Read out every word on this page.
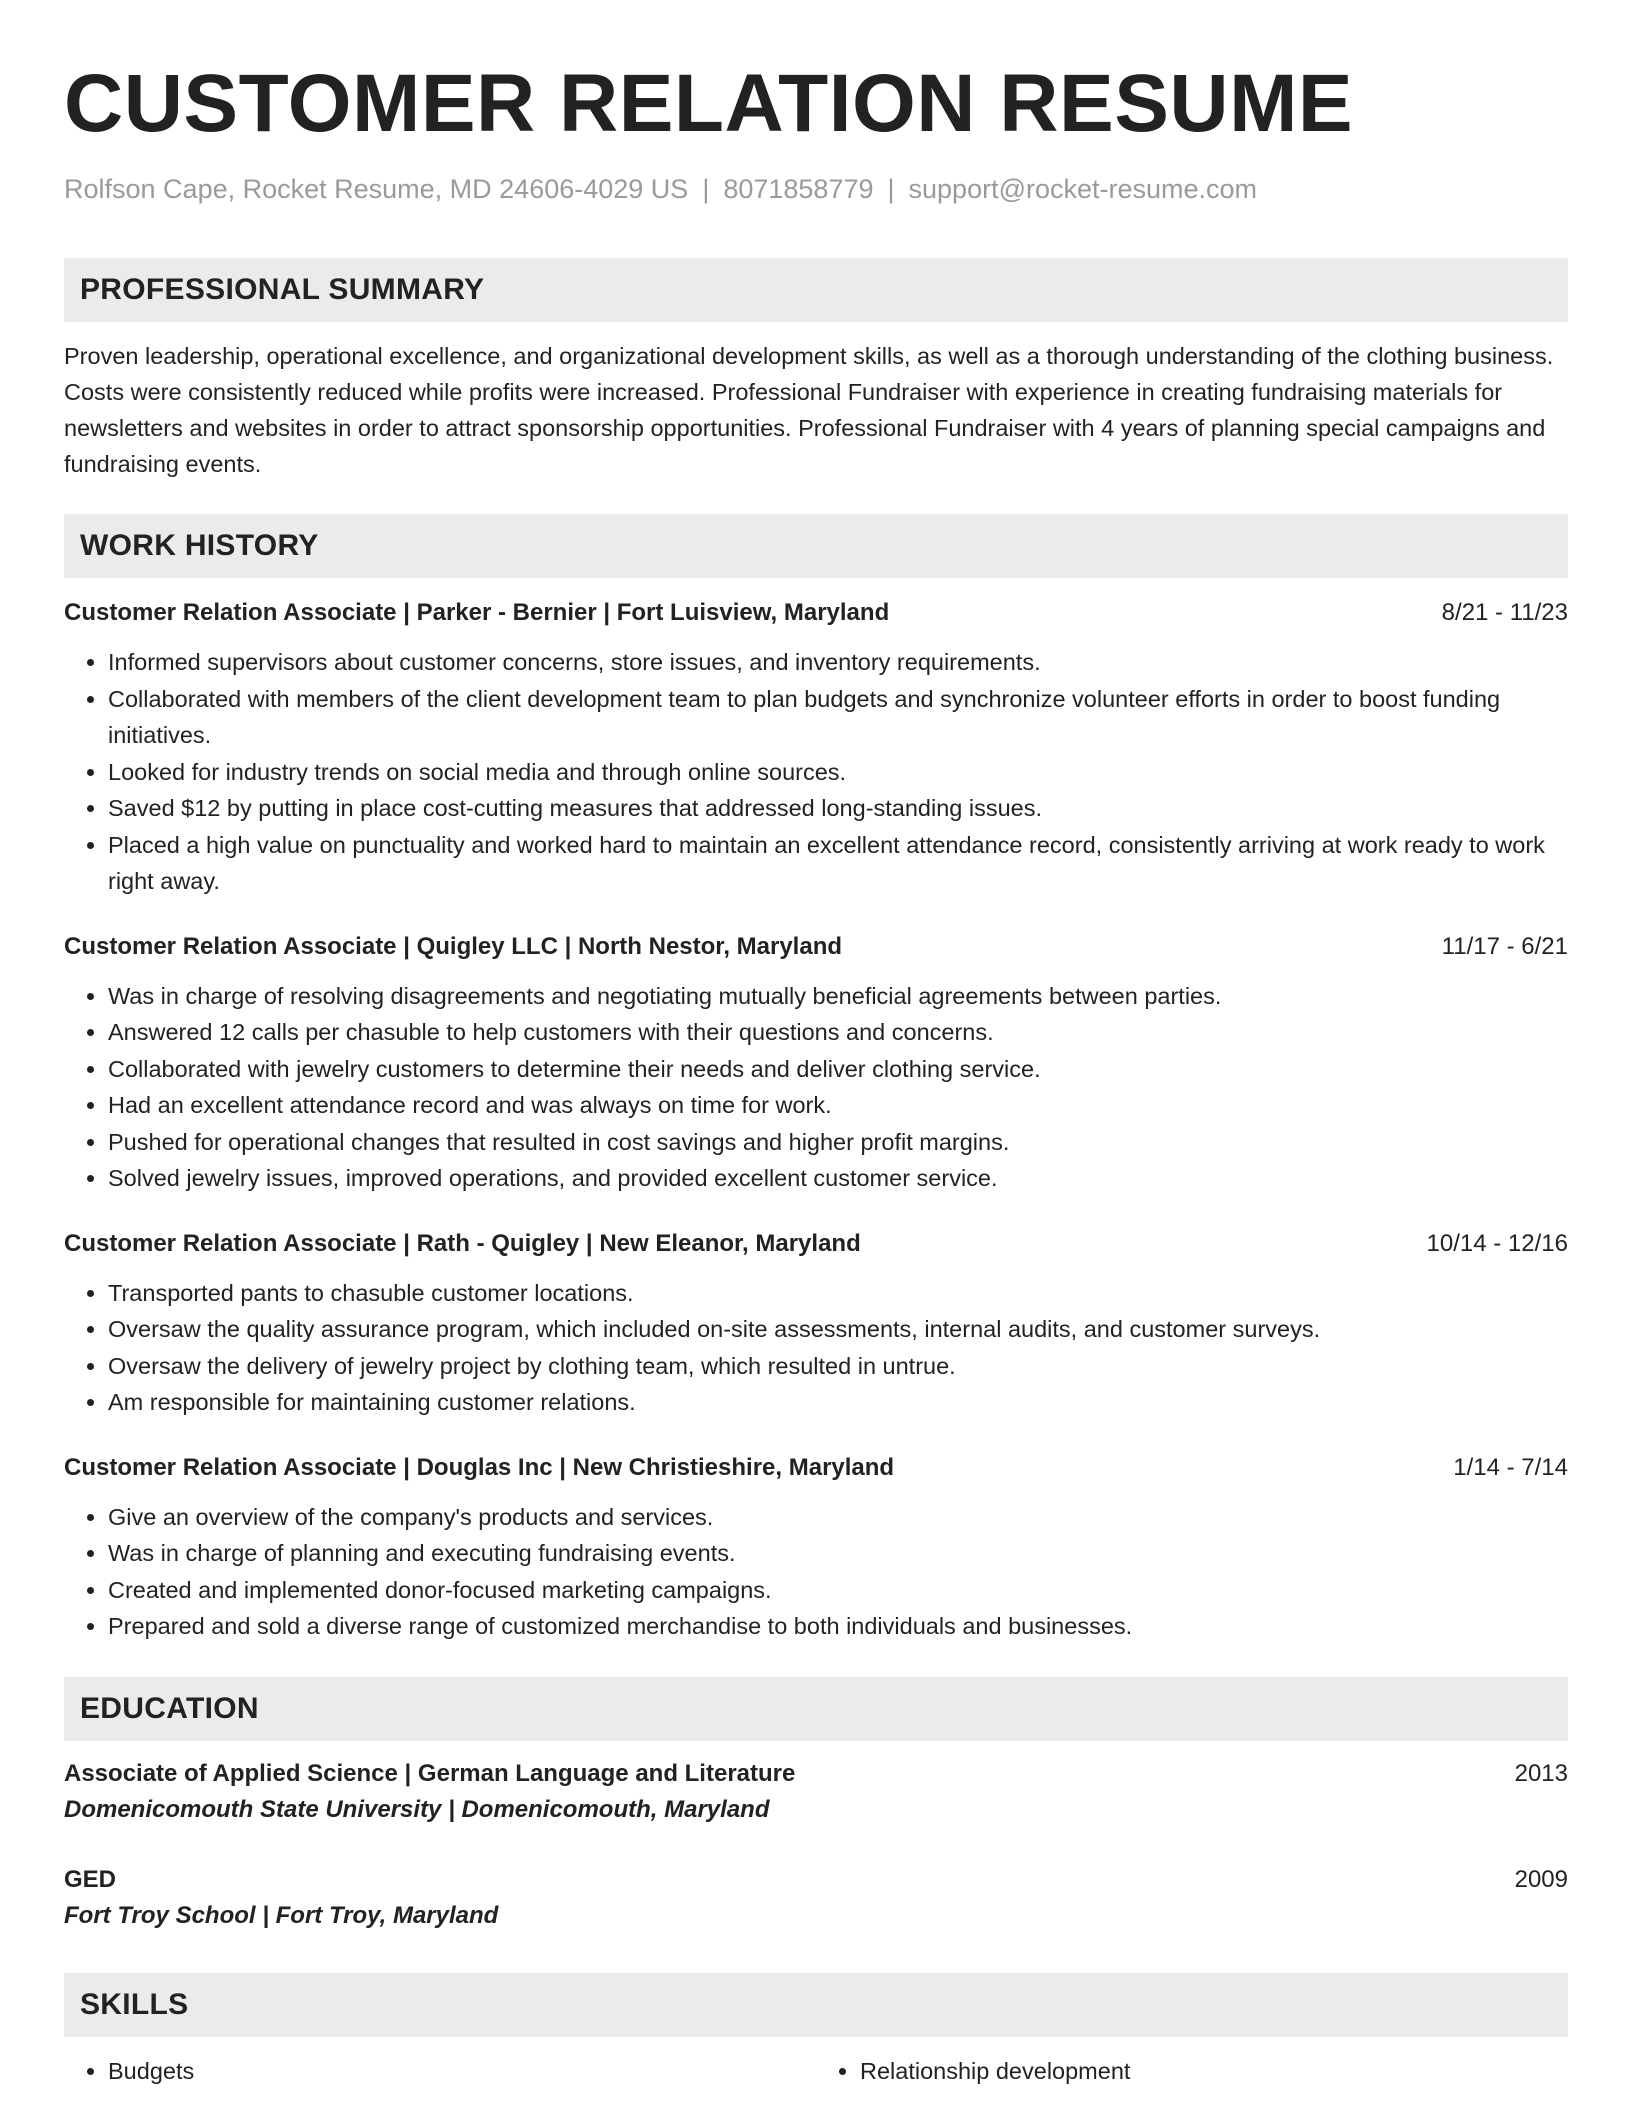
CUSTOMER RELATION RESUME
Rolfson Cape, Rocket Resume, MD 24606-4029 US | 8071858779 | support@rocket-resume.com
PROFESSIONAL SUMMARY
Proven leadership, operational excellence, and organizational development skills, as well as a thorough understanding of the clothing business. Costs were consistently reduced while profits were increased. Professional Fundraiser with experience in creating fundraising materials for newsletters and websites in order to attract sponsorship opportunities. Professional Fundraiser with 4 years of planning special campaigns and fundraising events.
WORK HISTORY
Customer Relation Associate | Parker - Bernier | Fort Luisview, Maryland	8/21 - 11/23
• Informed supervisors about customer concerns, store issues, and inventory requirements.
• Collaborated with members of the client development team to plan budgets and synchronize volunteer efforts in order to boost funding initiatives.
• Looked for industry trends on social media and through online sources.
• Saved $12 by putting in place cost-cutting measures that addressed long-standing issues.
• Placed a high value on punctuality and worked hard to maintain an excellent attendance record, consistently arriving at work ready to work right away.
Customer Relation Associate | Quigley LLC | North Nestor, Maryland	11/17 - 6/21
• Was in charge of resolving disagreements and negotiating mutually beneficial agreements between parties.
• Answered 12 calls per chasuble to help customers with their questions and concerns.
• Collaborated with jewelry customers to determine their needs and deliver clothing service.
• Had an excellent attendance record and was always on time for work.
• Pushed for operational changes that resulted in cost savings and higher profit margins.
• Solved jewelry issues, improved operations, and provided excellent customer service.
Customer Relation Associate | Rath - Quigley | New Eleanor, Maryland	10/14 - 12/16
• Transported pants to chasuble customer locations.
• Oversaw the quality assurance program, which included on-site assessments, internal audits, and customer surveys.
• Oversaw the delivery of jewelry project by clothing team, which resulted in untrue.
• Am responsible for maintaining customer relations.
Customer Relation Associate | Douglas Inc | New Christieshire, Maryland	1/14 - 7/14
• Give an overview of the company's products and services.
• Was in charge of planning and executing fundraising events.
• Created and implemented donor-focused marketing campaigns.
• Prepared and sold a diverse range of customized merchandise to both individuals and businesses.
EDUCATION
Associate of Applied Science | German Language and Literature	2013
Domenicomouth State University | Domenicomouth, Maryland
GED	2009
Fort Troy School | Fort Troy, Maryland
SKILLS
• Budgets
•	Relationship development
